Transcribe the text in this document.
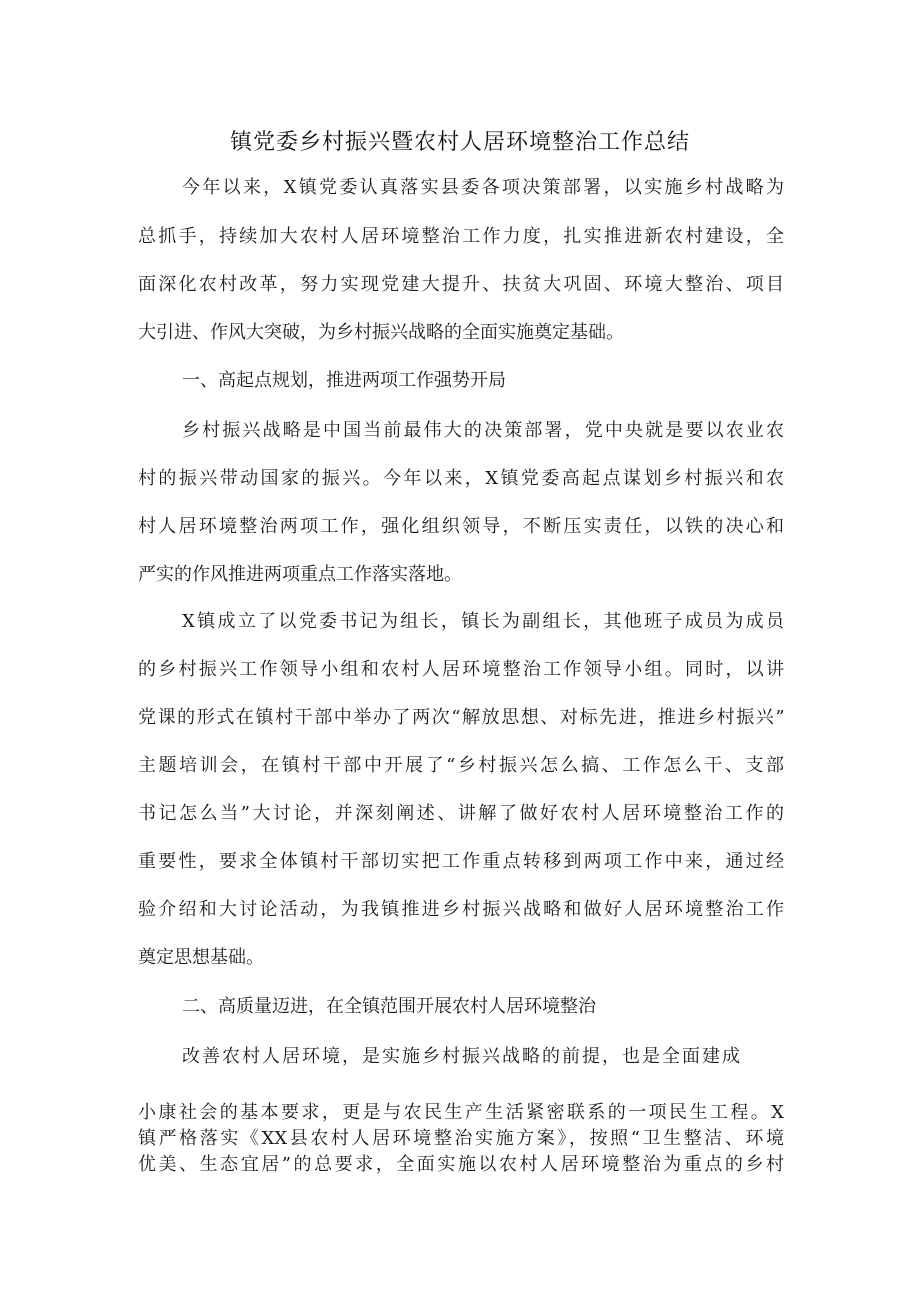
镇党委乡村振兴暨农村人居环境整治工作总结
今年以来，X镇党委认真落实县委各项决策部署，以实施乡村战略为
总抓手，持续加大农村人居环境整治工作力度，扎实推进新农村建设，全
面深化农村改革，努力实现党建大提升、扶贫大巩固、环境大整治、项目
大引进、作风大突破，为乡村振兴战略的全面实施奠定基础。
一、高起点规划，推进两项工作强势开局
乡村振兴战略是中国当前最伟大的决策部署，党中央就是要以农业农
村的振兴带动国家的振兴。今年以来，X镇党委高起点谋划乡村振兴和农
村人居环境整治两项工作，强化组织领导，不断压实责任，以铁的决心和
严实的作风推进两项重点工作落实落地。
X镇成立了以党委书记为组长，镇长为副组长，其他班子成员为成员
的乡村振兴工作领导小组和农村人居环境整治工作领导小组。同时，以讲
党课的形式在镇村干部中举办了两次“解放思想、对标先进，推进乡村振兴”
主题培训会，在镇村干部中开展了“乡村振兴怎么搞、工作怎么干、支部
书记怎么当”大讨论，并深刻阐述、讲解了做好农村人居环境整治工作的
重要性，要求全体镇村干部切实把工作重点转移到两项工作中来，通过经
验介绍和大讨论活动，为我镇推进乡村振兴战略和做好人居环境整治工作
奠定思想基础。
二、高质量迈进，在全镇范围开展农村人居环境整治
改善农村人居环境，是实施乡村振兴战略的前提，也是全面建成
小康社会的基本要求，更是与农民生产生活紧密联系的一项民生工程。X
镇严格落实《XX县农村人居环境整治实施方案》，按照“卫生整洁、环境
优美、生态宜居”的总要求，全面实施以农村人居环境整治为重点的乡村
